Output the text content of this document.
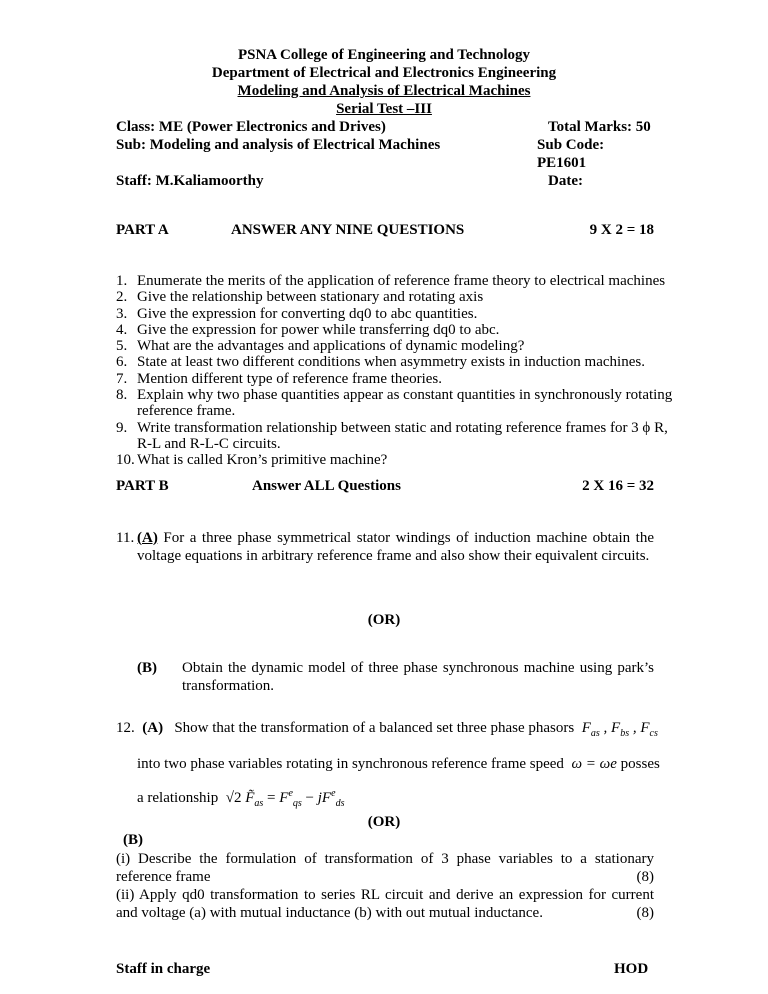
PSNA College of Engineering and Technology
Department of Electrical and Electronics Engineering
Modeling and Analysis of Electrical Machines
Serial Test –III
Class: ME (Power Electronics and Drives)	Total Marks: 50
Sub: Modeling and analysis of Electrical Machines	Sub Code: PE1601
Staff: M.Kaliamoorthy	Date:
PART A	ANSWER ANY NINE QUESTIONS	9 X 2 = 18
1. Enumerate the merits of the application of reference frame theory to electrical machines
2. Give the relationship between stationary and rotating axis
3. Give the expression for converting dq0 to abc quantities.
4. Give the expression for power while transferring dq0 to abc.
5. What are the advantages and applications of dynamic modeling?
6. State at least two different conditions when asymmetry exists in induction machines.
7. Mention different type of reference frame theories.
8. Explain why two phase quantities appear as constant quantities in synchronously rotating reference frame.
9. Write transformation relationship between static and rotating reference frames for 3 ϕ R, R-L and R-L-C circuits.
10. What is called Kron’s primitive machine?
PART B	Answer ALL Questions	2 X 16 = 32
11. (A) For a three phase symmetrical stator windings of induction machine obtain the voltage equations in arbitrary reference frame and also show their equivalent circuits.
(OR)
(B)	Obtain the dynamic model of three phase synchronous machine using park’s transformation.
12. (A) Show that the transformation of a balanced set three phase phasors $F_{as}$ , $F_{bs}$ , $F_{cs}$
into two phase variables rotating in synchronous reference frame speed ω = ωe posses
a relationship  √2 $F̃_{as} = F^e_{qs} - jF^e_{ds}$
(OR)
(B)
(i) Describe the formulation of transformation of 3 phase variables to a stationary reference frame	(8)
(ii) Apply qd0 transformation to series RL circuit and derive an expression for current and voltage (a) with mutual inductance (b) with out mutual inductance.	(8)
Staff in charge	HOD
